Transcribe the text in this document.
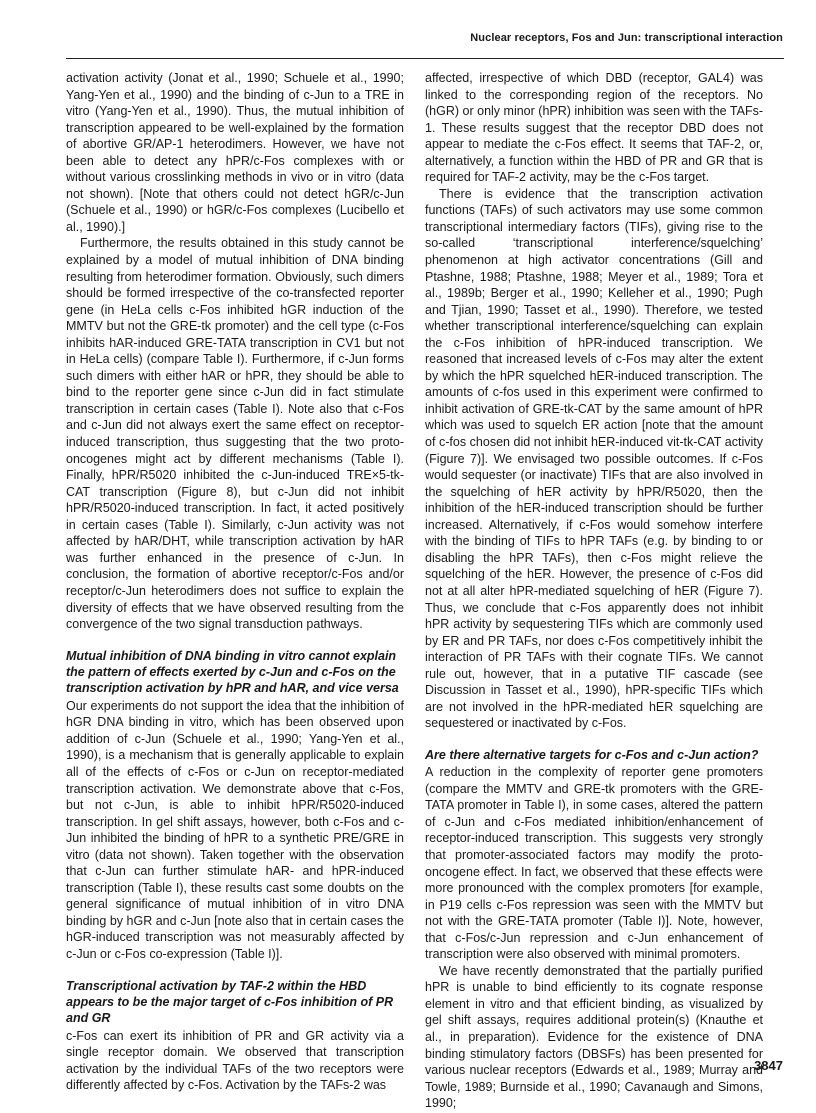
Nuclear receptors, Fos and Jun: transcriptional interaction

activation activity (Jonat et al., 1990; Schuele et al., 1990; Yang-Yen et al., 1990) and the binding of c-Jun to a TRE in vitro (Yang-Yen et al., 1990). Thus, the mutual inhibition of transcription appeared to be well-explained by the formation of abortive GR/AP-1 heterodimers. However, we have not been able to detect any hPR/c-Fos complexes with or without various crosslinking methods in vivo or in vitro (data not shown). [Note that others could not detect hGR/c-Jun (Schuele et al., 1990) or hGR/c-Fos complexes (Lucibello et al., 1990).]

Furthermore, the results obtained in this study cannot be explained by a model of mutual inhibition of DNA binding resulting from heterodimer formation. Obviously, such dimers should be formed irrespective of the co-transfected reporter gene (in HeLa cells c-Fos inhibited hGR induction of the MMTV but not the GRE-tk promoter) and the cell type (c-Fos inhibits hAR-induced GRE-TATA transcription in CV1 but not in HeLa cells) (compare Table I). Furthermore, if c-Jun forms such dimers with either hAR or hPR, they should be able to bind to the reporter gene since c-Jun did in fact stimulate transcription in certain cases (Table I). Note also that c-Fos and c-Jun did not always exert the same effect on receptor-induced transcription, thus suggesting that the two proto-oncogenes might act by different mechanisms (Table I). Finally, hPR/R5020 inhibited the c-Jun-induced TRE×5-tk-CAT transcription (Figure 8), but c-Jun did not inhibit hPR/R5020-induced transcription. In fact, it acted positively in certain cases (Table I). Similarly, c-Jun activity was not affected by hAR/DHT, while transcription activation by hAR was further enhanced in the presence of c-Jun. In conclusion, the formation of abortive receptor/c-Fos and/or receptor/c-Jun heterodimers does not suffice to explain the diversity of effects that we have observed resulting from the convergence of the two signal transduction pathways.

Mutual inhibition of DNA binding in vitro cannot explain the pattern of effects exerted by c-Jun and c-Fos on the transcription activation by hPR and hAR, and vice versa

Our experiments do not support the idea that the inhibition of hGR DNA binding in vitro, which has been observed upon addition of c-Jun (Schuele et al., 1990; Yang-Yen et al., 1990), is a mechanism that is generally applicable to explain all of the effects of c-Fos or c-Jun on receptor-mediated transcription activation. We demonstrate above that c-Fos, but not c-Jun, is able to inhibit hPR/R5020-induced transcription. In gel shift assays, however, both c-Fos and c-Jun inhibited the binding of hPR to a synthetic PRE/GRE in vitro (data not shown). Taken together with the observation that c-Jun can further stimulate hAR- and hPR-induced transcription (Table I), these results cast some doubts on the general significance of mutual inhibition of in vitro DNA binding by hGR and c-Jun [note also that in certain cases the hGR-induced transcription was not measurably affected by c-Jun or c-Fos co-expression (Table I)].

Transcriptional activation by TAF-2 within the HBD appears to be the major target of c-Fos inhibition of PR and GR

c-Fos can exert its inhibition of PR and GR activity via a single receptor domain. We observed that transcription activation by the individual TAFs of the two receptors were differently affected by c-Fos. Activation by the TAFs-2 was

affected, irrespective of which DBD (receptor, GAL4) was linked to the corresponding region of the receptors. No (hGR) or only minor (hPR) inhibition was seen with the TAFs-1. These results suggest that the receptor DBD does not appear to mediate the c-Fos effect. It seems that TAF-2, or, alternatively, a function within the HBD of PR and GR that is required for TAF-2 activity, may be the c-Fos target.

There is evidence that the transcription activation functions (TAFs) of such activators may use some common transcriptional intermediary factors (TIFs), giving rise to the so-called ‘transcriptional interference/squelching’ phenomenon at high activator concentrations (Gill and Ptashne, 1988; Ptashne, 1988; Meyer et al., 1989; Tora et al., 1989b; Berger et al., 1990; Kelleher et al., 1990; Pugh and Tjian, 1990; Tasset et al., 1990). Therefore, we tested whether transcriptional interference/squelching can explain the c-Fos inhibition of hPR-induced transcription. We reasoned that increased levels of c-Fos may alter the extent by which the hPR squelched hER-induced transcription. The amounts of c-fos used in this experiment were confirmed to inhibit activation of GRE-tk-CAT by the same amount of hPR which was used to squelch ER action [note that the amount of c-fos chosen did not inhibit hER-induced vit-tk-CAT activity (Figure 7)]. We envisaged two possible outcomes. If c-Fos would sequester (or inactivate) TIFs that are also involved in the squelching of hER activity by hPR/R5020, then the inhibition of the hER-induced transcription should be further increased. Alternatively, if c-Fos would somehow interfere with the binding of TIFs to hPR TAFs (e.g. by binding to or disabling the hPR TAFs), then c-Fos might relieve the squelching of the hER. However, the presence of c-Fos did not at all alter hPR-mediated squelching of hER (Figure 7). Thus, we conclude that c-Fos apparently does not inhibit hPR activity by sequestering TIFs which are commonly used by ER and PR TAFs, nor does c-Fos competitively inhibit the interaction of PR TAFs with their cognate TIFs. We cannot rule out, however, that in a putative TIF cascade (see Discussion in Tasset et al., 1990), hPR-specific TIFs which are not involved in the hPR-mediated hER squelching are sequestered or inactivated by c-Fos.

Are there alternative targets for c-Fos and c-Jun action?

A reduction in the complexity of reporter gene promoters (compare the MMTV and GRE-tk promoters with the GRE-TATA promoter in Table I), in some cases, altered the pattern of c-Jun and c-Fos mediated inhibition/enhancement of receptor-induced transcription. This suggests very strongly that promoter-associated factors may modify the proto-oncogene effect. In fact, we observed that these effects were more pronounced with the complex promoters [for example, in P19 cells c-Fos repression was seen with the MMTV but not with the GRE-TATA promoter (Table I)]. Note, however, that c-Fos/c-Jun repression and c-Jun enhancement of transcription were also observed with minimal promoters.

We have recently demonstrated that the partially purified hPR is unable to bind efficiently to its cognate response element in vitro and that efficient binding, as visualized by gel shift assays, requires additional protein(s) (Knauthe et al., in preparation). Evidence for the existence of DNA binding stimulatory factors (DBSFs) has been presented for various nuclear receptors (Edwards et al., 1989; Murray and Towle, 1989; Burnside et al., 1990; Cavanaugh and Simons, 1990;

3847
